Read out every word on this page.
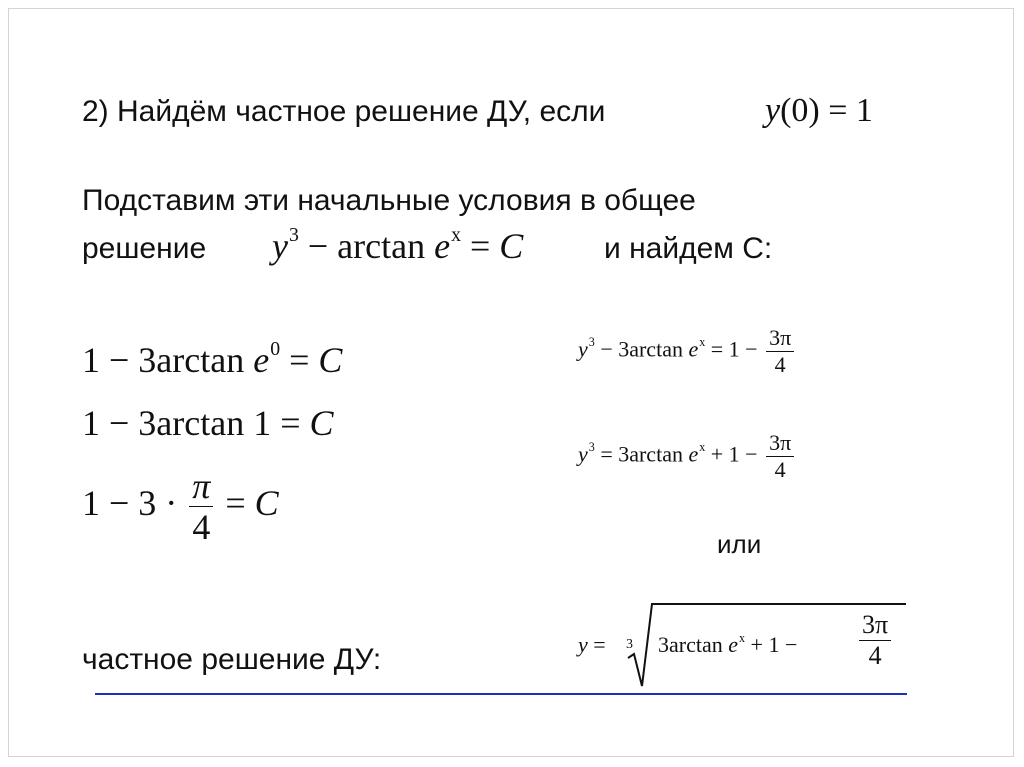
2) Найдём частное решение ДУ, если	y(0) = 1
Подставим эти начальные условия в общее
решение $y^3 - \arctan e^x = C$	и найдем С:
1 − 3arctan $e^0 = C$
1 − 3arctan 1 = C
$1 - 3 \cdot \frac{\pi}{4} = C$
$y^3 - 3\arctan$ $e^x = 1 - \frac{3\pi}{4}$
$y^3 = 3\arctan$ $e^x + 1 - \frac{3\pi}{4}$
или
y = 3 3arctan $e^x + 1 - \frac{3\pi}{4}$
частное решение ДУ:
